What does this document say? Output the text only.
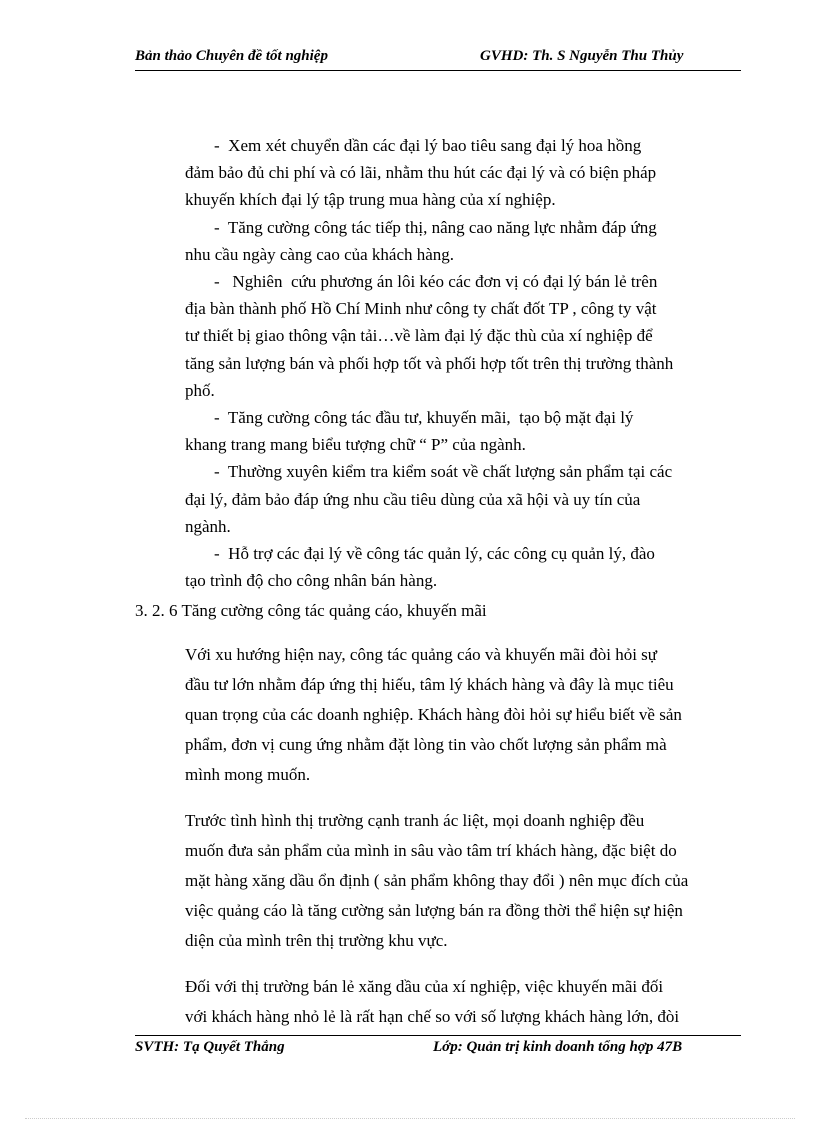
Bản thảo Chuyên đề tốt nghiệp	GVHD: Th. S Nguyễn Thu Thủy

-  Xem xét chuyển dần các đại lý bao tiêu sang đại lý hoa hồng
đảm bảo đủ chi phí và có lãi, nhằm thu hút các đại lý và có biện pháp
khuyến khích đại lý tập trung mua hàng của xí nghiệp.

-  Tăng cường công tác tiếp thị, nâng cao năng lực nhằm đáp ứng
nhu cầu ngày càng cao của khách hàng.

-   Nghiên  cứu phương án lôi kéo các đơn vị có đại lý bán lẻ trên
địa bàn thành phố Hồ Chí Minh như công ty chất đốt TP , công ty vật
tư thiết bị giao thông vận tải…về làm đại lý đặc thù của xí nghiệp để
tăng sản lượng bán và phối hợp tốt và phối hợp tốt trên thị trường thành
phố.

-  Tăng cường công tác đầu tư, khuyến mãi,  tạo bộ mặt đại lý
khang trang mang biểu tượng chữ “ P” của ngành.

-  Thường xuyên kiểm tra kiểm soát về chất lượng sản phẩm tại các
đại lý, đảm bảo đáp ứng nhu cầu tiêu dùng của xã hội và uy tín của
ngành.

-  Hỗ trợ các đại lý về công tác quản lý, các công cụ quản lý, đào
tạo trình độ cho công nhân bán hàng.

3. 2. 6 Tăng cường công tác quảng cáo, khuyến mãi

Với xu hướng hiện nay, công tác quảng cáo và khuyến mãi đòi hỏi sự
đầu tư lớn nhằm đáp ứng thị hiếu, tâm lý khách hàng và đây là mục tiêu
quan trọng của các doanh nghiệp. Khách hàng đòi hỏi sự hiểu biết về sản
phẩm, đơn vị cung ứng nhằm đặt lòng tin vào chốt lượng sản phẩm mà
mình mong muốn.

Trước tình hình thị trường cạnh tranh ác liệt, mọi doanh nghiệp đều
muốn đưa sản phẩm của mình in sâu vào tâm trí khách hàng, đặc biệt do
mặt hàng xăng dầu ổn định ( sản phẩm không thay đổi ) nên mục đích của
việc quảng cáo là tăng cường sản lượng bán ra đồng thời thể hiện sự hiện
diện của mình trên thị trường khu vực.

Đối với thị trường bán lẻ xăng dầu của xí nghiệp, việc khuyến mãi đối
với khách hàng nhỏ lẻ là rất hạn chế so với số lượng khách hàng lớn, đòi

SVTH: Tạ Quyết Thắng	Lớp: Quản trị kinh doanh tổng hợp 47B
